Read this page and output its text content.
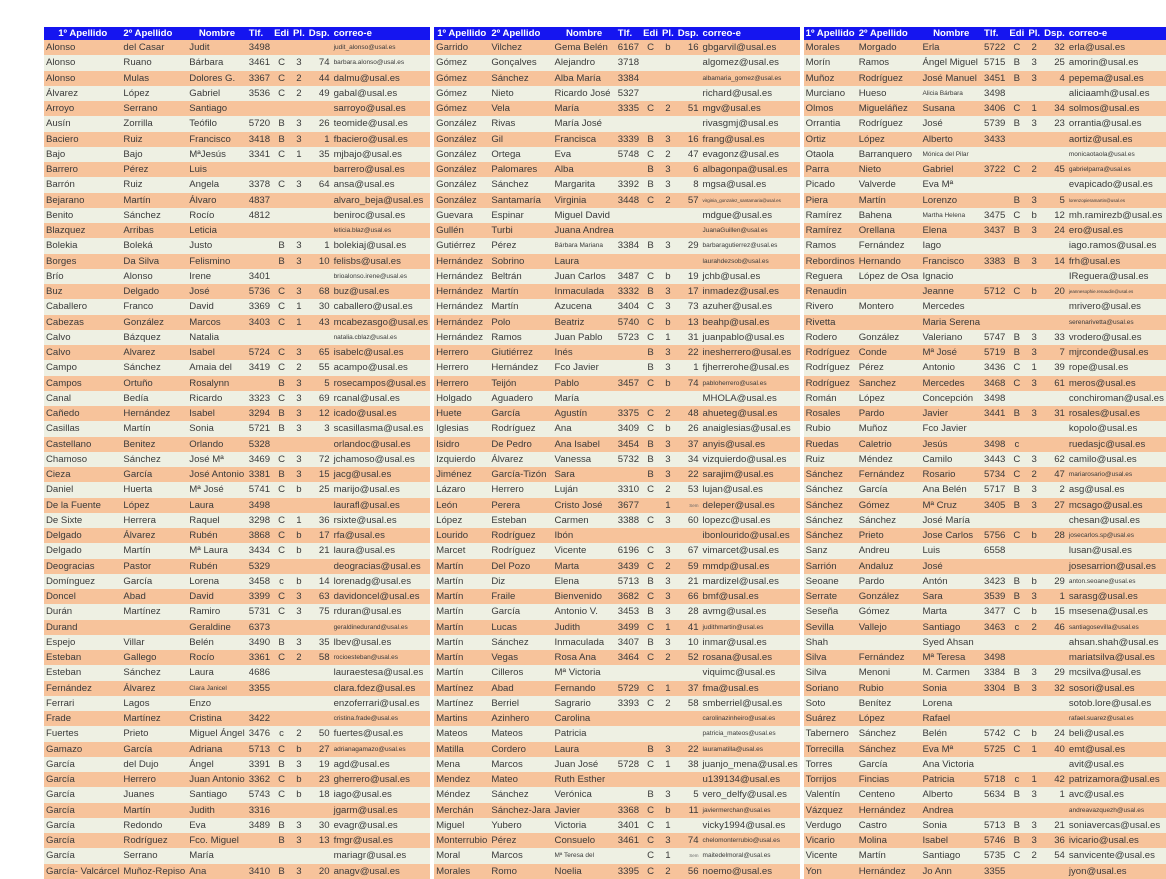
1º Apellido	2º Apellido	Nombre	Tlf.	Edi	Pl.	Dsp.	correo-e
Alonso	del Casar	Judit	3498				judit_alonso@usal.es
Alonso	Ruano	Bárbara	3461	C	3	74	barbara.alonso@usal.es
Alonso	Mulas	Dolores G.	3367	C	2	44	dalmu@usal.es
Álvarez	López	Gabriel	3536	C	2	49	gabal@usal.es
Arroyo	Serrano	Santiago					sarroyo@usal.es
Ausín	Zorrilla	Teófilo	5720	B	3	26	teomide@usal.es
Baciero	Ruiz	Francisco	3418	B	3	1	fbaciero@usal.es
Bajo	Bajo	MªJesús	3341	C	1	35	mjbajo@usal.es
Barrero	Pérez	Luis					barrero@usal.es
Barrón	Ruiz	Angela	3378	C	3	64	ansa@usal.es
Bejarano	Martín	Álvaro	4837				alvaro_beja@usal.es
Benito	Sánchez	Rocío	4812				beniroc@usal.es
Blazquez	Arribas	Leticia					leticia.blaz@usal.es
Bolekia	Boleká	Justo		B	3	1	bolekiaj@usal.es
Borges	Da Silva	Felismino		B	3	10	felisbs@usal.es
Brío	Alonso	Irene	3401				brioalonso.irene@usal.es
Buz	Delgado	José	5736	C	3	68	buz@usal.es
Caballero	Franco	David	3369	C	1	30	caballero@usal.es
Cabezas	González	Marcos	3403	C	1	43	mcabezasgo@usal.es
Calvo	Bázquez	Natalia					natalia.cblaz@usal.es
Calvo	Alvarez	Isabel	5724	C	3	65	isabelc@usal.es
Campo	Sánchez	Amaia del	3419	C	2	55	acampo@usal.es
Campos	Ortuño	Rosalynn		B	3	5	rosecampos@usal.es
Canal	Bedía	Ricardo	3323	C	3	69	rcanal@usal.es
Cañedo	Hernández	Isabel	3294	B	3	12	icado@usal.es
Casillas	Martín	Sonia	5721	B	3	3	scasillasma@usal.es
Castellano	Benitez	Orlando	5328				orlandoc@usal.es
Chamoso	Sánchez	José Mª	3469	C	3	72	jchamoso@usal.es
Cieza	García	José Antonio	3381	B	3	15	jacg@usal.es
Daniel	Huerta	Mª José	5741	C	b	25	marijo@usal.es
De la Fuente	López	Laura	3498				laurafl@usal.es
De Sixte	Herrera	Raquel	3298	C	1	36	rsixte@usal.es
Delgado	Álvarez	Rubén	3868	C	b	17	rfa@usal.es
Delgado	Martín	Mª Laura	3434	C	b	21	laura@usal.es
Deogracias	Pastor	Rubén	5329				deogracias@usal.es
Domínguez	García	Lorena	3458	c	b	14	lorenadg@usal.es
Doncel	Abad	David	3399	C	3	63	davidoncel@usal.es
Durán	Martínez	Ramiro	5731	C	3	75	rduran@usal.es
Durand		Geraldine	6373				geraldinedurand@usal.es
Espejo	Villar	Belén	3490	B	3	35	lbev@usal.es
Esteban	Gallego	Rocío	3361	C	2	58	rocioesteban@usal.es
Esteban	Sánchez	Laura	4686				lauraestesa@usal.es
Fernández	Álvarez	Clara Janicel	3355				clara.fdez@usal.es
Ferrari	Lagos	Enzo					enzoferrari@usal.es
Frade	Martínez	Cristina	3422				cristina.frade@usal.es
Fuertes	Prieto	Miguel Ángel	3476	c	2	50	fuertes@usal.es
Gamazo	García	Adriana	5713	C	b	27	adrianagamazo@usal.es
García	del Dujo	Ángel	3391	B	3	19	agd@usal.es
García	Herrero	Juan Antonio	3362	C	b	23	gherrero@usal.es
García	Juanes	Santiago	5743	C	b	18	iago@usal.es
García	Martín	Judith	3316				jgarm@usal.es
García	Redondo	Eva	3489	B	3	30	evagr@usal.es
García	Rodríguez	Fco. Miguel		B	3	13	fmgr@usal.es
García	Serrano	María					mariagr@usal.es
García- Valcárcel	Muñoz-Repiso	Ana	3410	B	3	20	anagv@usal.es
1º Apellido	2º Apellido	Nombre	Tlf.	Edi	Pl.	Dsp.	correo-e
Garrido	Vilchez	Gema Belén	6167	C	b	16	gbgarvil@usal.es
Gómez	Gonçalves	Alejandro	3718				algomez@usal.es
Gómez	Sánchez	Alba María	3384				albamaria_gomez@usal.es
Gómez	Nieto	Ricardo José	5327				richard@usal.es
Gómez	Vela	María	3335	C	2	51	mgv@usal.es
González	Rivas	María José					rivasgmj@usal.es
González	Gil	Francisca	3339	B	3	16	frang@usal.es
González	Ortega	Eva	5748	C	2	47	evagonz@usal.es
González	Palomares	Alba		B	3	6	albagonpa@usal.es
González	Sánchez	Margarita	3392	B	3	8	mgsa@usal.es
González	Santamaría	Virginia	3448	C	2	57	virginia_gonzalez_santamaria@usal.es
Guevara	Espinar	Miguel David					mdgue@usal.es
Gullén	Turbi	Juana Andrea					JuanaGuillen@usal.es
Gutiérrez	Pérez	Bárbara Mariana	3384	B	3	29	barbaragutierrez@usal.es
Hernández	Sobrino	Laura					laurahdezsob@usal.es
Hernández	Beltrán	Juan Carlos	3487	C	b	19	jchb@usal.es
Hernández	Martín	Inmaculada	3332	B	3	17	inmadez@usal.es
Hernández	Martín	Azucena	3404	C	3	73	azuher@usal.es
Hernández	Polo	Beatriz	5740	C	b	13	beahp@usal.es
Hernández	Ramos	Juan Pablo	5723	C	1	31	juanpablo@usal.es
Herrero	Giutiérrez	Inés		B	3	22	inesherrero@usal.es
Herrero	Hernández	Fco Javier		B	3	1	fjherrerohe@usal.es
Herrero	Teijón	Pablo	3457	C	b	74	pabloherrero@usal.es
Holgado	Aguadero	María					MHOLA@usal.es
Huete	García	Agustín	3375	C	2	48	ahueteg@usal.es
Iglesias	Rodríguez	Ana	3409	C	b	26	anaiglesias@usal.es
Isidro	De Pedro	Ana Isabel	3454	B	3	37	anyis@usal.es
Izquierdo	Álvarez	Vanessa	5732	B	3	34	vizquierdo@usal.es
Jiménez	García-Tizón	Sara		B	3	22	sarajim@usal.es
Lázaro	Herrero	Luján	3310	C	2	53	lujan@usal.es
León	Perera	Cristo José	3677		1	Sem	deleper@usal.es
López	Esteban	Carmen	3388	C	3	60	lopezc@usal.es
Lourido	Rodríguez	Ibón					ibonlourido@usal.es
Marcet	Rodríguez	Vicente	6196	C	3	67	vimarcet@usal.es
Martín	Del Pozo	Marta	3439	C	2	59	mmdp@usal.es
Martín	Diz	Elena	5713	B	3	21	mardizel@usal.es
Martín	Fraile	Bienvenido	3682	C	3	66	bmf@usal.es
Martín	García	Antonio V.	3453	B	3	28	avmg@usal.es
Martín	Lucas	Judith	3499	C	1	41	judithmartin@usal.es
Martín	Sánchez	Inmaculada	3407	B	3	10	inmar@usal.es
Martín	Vegas	Rosa Ana	3464	C	2	52	rosana@usal.es
Martín	Cilleros	Mª Victoria					viquimc@usal.es
Martínez	Abad	Fernando	5729	C	1	37	fma@usal.es
Martínez	Berriel	Sagrario	3393	C	2	58	smberriel@usal.es
Martins	Azinhero	Carolina					carolinazinheiro@usal.es
Mateos	Mateos	Patricia					patricia_mateos@usal.es
Matilla	Cordero	Laura		B	3	22	lauramatilla@usal.es
Mena	Marcos	Juan José	5728	C	1	38	juanjo_mena@usal.es
Mendez	Mateo	Ruth Esther					u139134@usal.es
Méndez	Sánchez	Verónica		B	3	5	vero_delfy@usal.es
Merchán	Sánchez-Jara	Javier	3368	C	b	11	javiermerchan@usal.es
Miguel	Yubero	Victoria	3401	C	1		vicky1994@usal.es
Monterrubio	Pérez	Consuelo	3461	C	3	74	chelomonterrubio@usal.es
Moral	Marcos	Mª Teresa del		C	1	Sem	maitedelmoral@usal.es
Morales	Romo	Noelia	3395	C	2	56	noemo@usal.es
1º Apellido	2º Apellido	Nombre	Tlf.	Edi	Pl.	Dsp.	correo-e
Morales	Morgado	Erla	5722	C	2	32	erla@usal.es
Morín	Ramos	Ángel Miguel	5715	B	3	25	amorin@usal.es
Muñoz	Rodríguez	José Manuel	3451	B	3	4	pepema@usal.es
Murciano	Hueso	Alicia Bárbara	3498				aliciaamh@usal.es
Olmos	Migueláñez	Susana	3406	C	1	34	solmos@usal.es
Orrantia	Rodríguez	José	5739	B	3	23	orrantia@usal.es
Ortiz	López	Alberto	3433				aortiz@usal.es
Otaola	Barranquero	Mónica del Pilar					monicaotaola@usal.es
Parra	Nieto	Gabriel	3722	C	2	45	gabrielparra@usal.es
Picado	Valverde	Eva Mª					evapicado@usal.es
Piera	Martín	Lorenzo		B	3	5	lorenzopieramartin@usal.es
Ramírez	Bahena	Martha Helena	3475	C	b	12	mh.ramirezb@usal.es
Ramírez	Orellana	Elena	3437	B	3	24	ero@usal.es
Ramos	Fernández	Iago					iago.ramos@usal.es
Rebordinos	Hernando	Francisco	3383	B	3	14	frh@usal.es
Reguera	López de Osa	Ignacio					IReguera@usal.es
Renaudin		Jeanne	5712	C	b	20	jeannesophie.renaudin@usal.es
Rivero	Montero	Mercedes					mrivero@usal.es
Rivetta		Maria Serena					serenarivetta@usal.es
Rodero	González	Valeriano	5747	B	3	33	vrodero@usal.es
Rodríguez	Conde	Mª José	5719	B	3	7	mjrconde@usal.es
Rodríguez	Pérez	Antonio	3436	C	1	39	rope@usal.es
Rodríguez	Sanchez	Mercedes	3468	C	3	61	meros@usal.es
Román	López	Concepción	3498				conchiroman@usal.es
Rosales	Pardo	Javier	3441	B	3	31	rosales@usal.es
Rubio	Muñoz	Fco Javier					kopolo@usal.es
Ruedas	Caletrio	Jesús	3498	c			ruedasjc@usal.es
Ruiz	Méndez	Camilo	3443	C	3	62	camilo@usal.es
Sánchez	Fernández	Rosario	5734	C	2	47	mariarosario@usal.es
Sánchez	García	Ana Belén	5717	B	3	2	asg@usal.es
Sánchez	Gómez	Mª Cruz	3405	B	3	27	mcsago@usal.es
Sánchez	Sánchez	José María					chesan@usal.es
Sánchez	Prieto	Jose Carlos	5756	C	b	28	josecarlos.sp@usal.es
Sanz	Andreu	Luis	6558				lusan@usal.es
Sarrión	Andaluz	José					josesarrion@usal.es
Seoane	Pardo	Antón	3423	B	b	29	anton.seoane@usal.es
Serrate	González	Sara	3539	B	3	1	sarasg@usal.es
Seseña	Gómez	Marta	3477	C	b	15	msesena@usal.es
Sevilla	Vallejo	Santiago	3463	c	2	46	santiagosevilla@usal.es
Shah		Syed Ahsan					ahsan.shah@usal.es
Silva	Fernández	Mª Teresa	3498				mariatsilva@usal.es
Silva	Menoni	M. Carmen	3384	B	3	29	mcsilva@usal.es
Soriano	Rubio	Sonia	3304	B	3	32	sosori@usal.es
Soto	Benítez	Lorena					sotob.lore@usal.es
Suárez	López	Rafael					rafael.suarez@usal.es
Tabernero	Sánchez	Belén	5742	C	b	24	beli@usal.es
Torrecilla	Sánchez	Eva Mª	5725	C	1	40	emt@usal.es
Torres	García	Ana Victoria					avit@usal.es
Torrijos	Fincias	Patricia	5718	c	1	42	patrizamora@usal.es
Valentín	Centeno	Alberto	5634	B	3	1	avc@usal.es
Vázquez	Hernández	Andrea					andreavazquezh@usal.es
Verdugo	Castro	Sonia	5713	B	3	21	soniavercas@usal.es
Vicario	Molina	Isabel	5746	B	3	36	ivicario@usal.es
Vicente	Martín	Santiago	5735	C	2	54	sanvicente@usal.es
Yon	Hernández	Jo Ann	3355				jyon@usal.es
